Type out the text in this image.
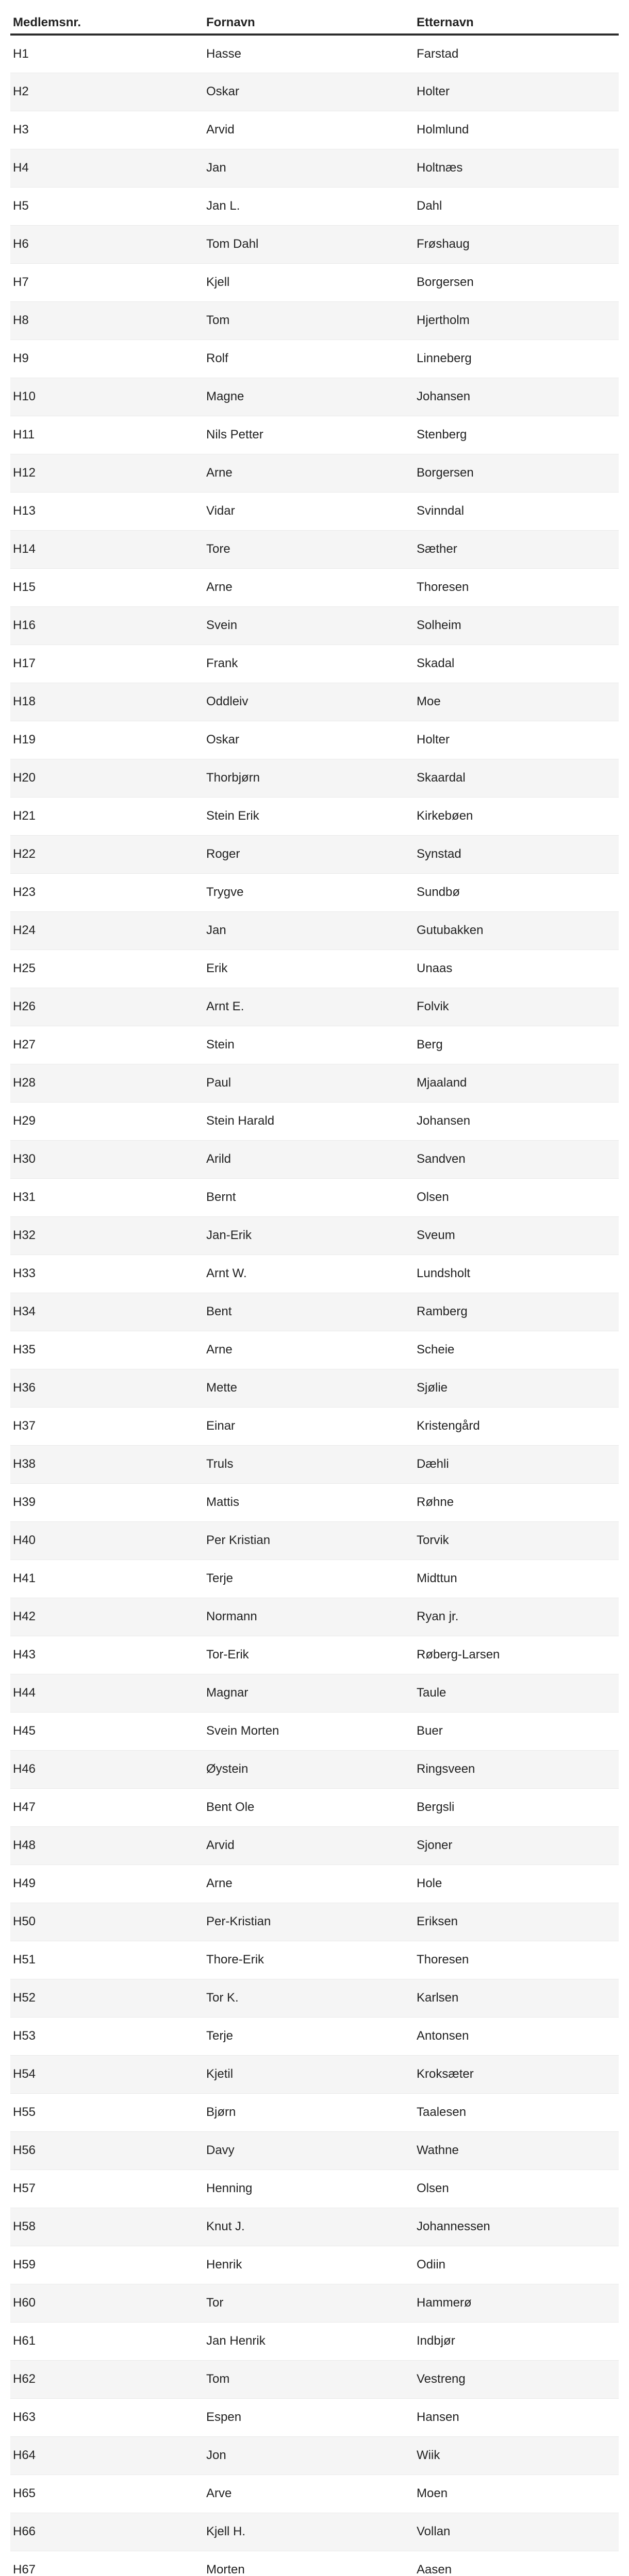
Medlemsnr.	Fornavn	Etternavn
H1	Hasse	Farstad
H2	Oskar	Holter
H3	Arvid	Holmlund
H4	Jan	Holtnæs
H5	Jan L.	Dahl
H6	Tom Dahl	Frøshaug
H7	Kjell	Borgersen
H8	Tom	Hjertholm
H9	Rolf	Linneberg
H10	Magne	Johansen
H11	Nils Petter	Stenberg
H12	Arne	Borgersen
H13	Vidar	Svinndal
H14	Tore	Sæther
H15	Arne	Thoresen
H16	Svein	Solheim
H17	Frank	Skadal
H18	Oddleiv	Moe
H19	Oskar	Holter
H20	Thorbjørn	Skaardal
H21	Stein Erik	Kirkebøen
H22	Roger	Synstad
H23	Trygve	Sundbø
H24	Jan	Gutubakken
H25	Erik	Unaas
H26	Arnt E.	Folvik
H27	Stein	Berg
H28	Paul	Mjaaland
H29	Stein Harald	Johansen
H30	Arild	Sandven
H31	Bernt	Olsen
H32	Jan-Erik	Sveum
H33	Arnt W.	Lundsholt
H34	Bent	Ramberg
H35	Arne	Scheie
H36	Mette	Sjølie
H37	Einar	Kristengård
H38	Truls	Dæhli
H39	Mattis	Røhne
H40	Per Kristian	Torvik
H41	Terje	Midttun
H42	Normann	Ryan jr.
H43	Tor-Erik	Røberg-Larsen
H44	Magnar	Taule
H45	Svein Morten	Buer
H46	Øystein	Ringsveen
H47	Bent Ole	Bergsli
H48	Arvid	Sjoner
H49	Arne	Hole
H50	Per-Kristian	Eriksen
H51	Thore-Erik	Thoresen
H52	Tor K.	Karlsen
H53	Terje	Antonsen
H54	Kjetil	Kroksæter
H55	Bjørn	Taalesen
H56	Davy	Wathne
H57	Henning	Olsen
H58	Knut J.	Johannessen
H59	Henrik	Odiin
H60	Tor	Hammerø
H61	Jan Henrik	Indbjør
H62	Tom	Vestreng
H63	Espen	Hansen
H64	Jon	Wiik
H65	Arve	Moen
H66	Kjell H.	Vollan
H67	Morten	Aasen
